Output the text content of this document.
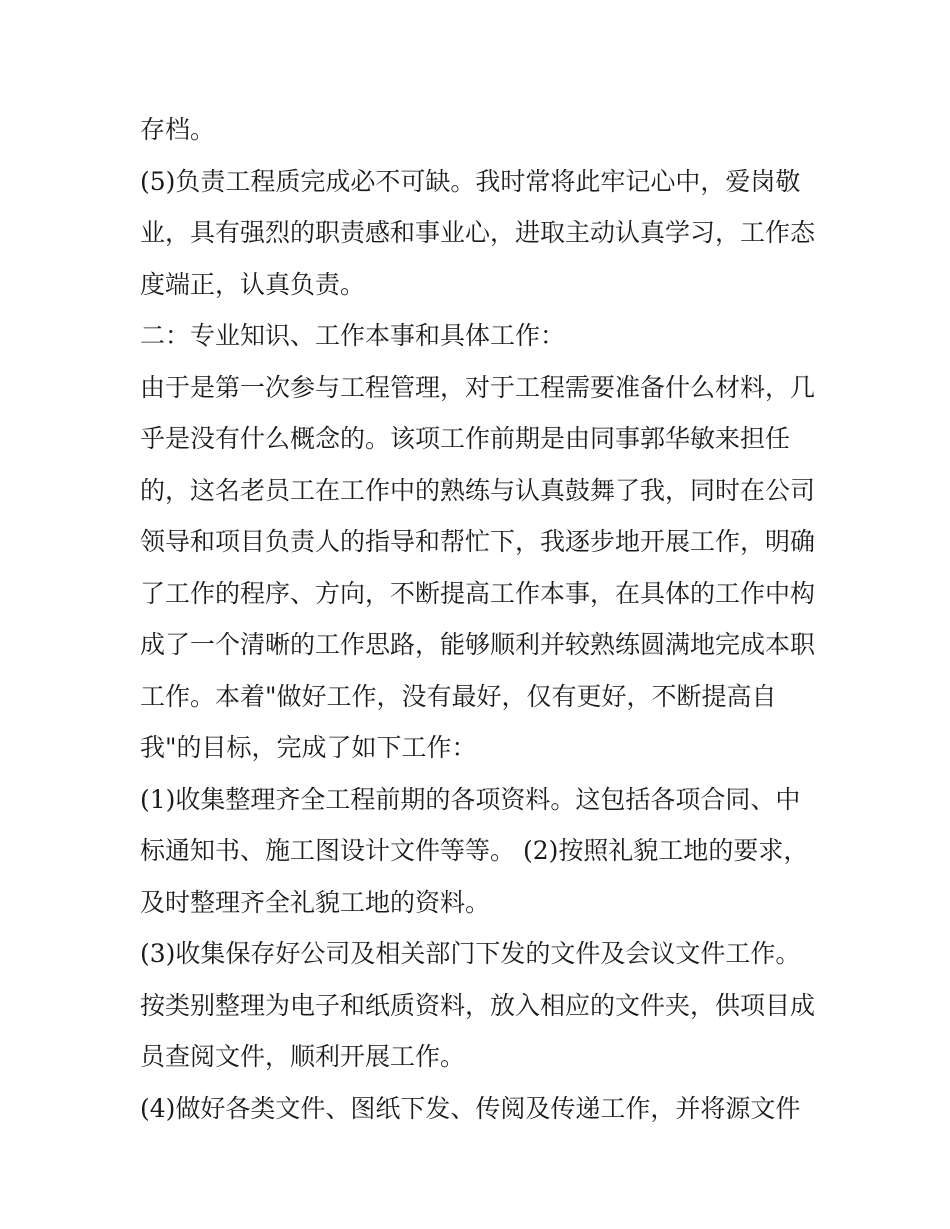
存档。
(5)负责工程质完成必不可缺。我时常将此牢记心中，爱岗敬
业，具有强烈的职责感和事业心，进取主动认真学习，工作态
度端正，认真负责。
二：专业知识、工作本事和具体工作：
由于是第一次参与工程管理，对于工程需要准备什么材料，几
乎是没有什么概念的。该项工作前期是由同事郭华敏来担任
的，这名老员工在工作中的熟练与认真鼓舞了我，同时在公司
领导和项目负责人的指导和帮忙下，我逐步地开展工作，明确
了工作的程序、方向，不断提高工作本事，在具体的工作中构
成了一个清晰的工作思路，能够顺利并较熟练圆满地完成本职
工作。本着"做好工作，没有最好，仅有更好，不断提高自
我"的目标，完成了如下工作：
(1)收集整理齐全工程前期的各项资料。这包括各项合同、中
标通知书、施工图设计文件等等。 (2)按照礼貌工地的要求，
及时整理齐全礼貌工地的资料。
(3)收集保存好公司及相关部门下发的文件及会议文件工作。
按类别整理为电子和纸质资料，放入相应的文件夹，供项目成
员查阅文件，顺利开展工作。
(4)做好各类文件、图纸下发、传阅及传递工作，并将源文件
